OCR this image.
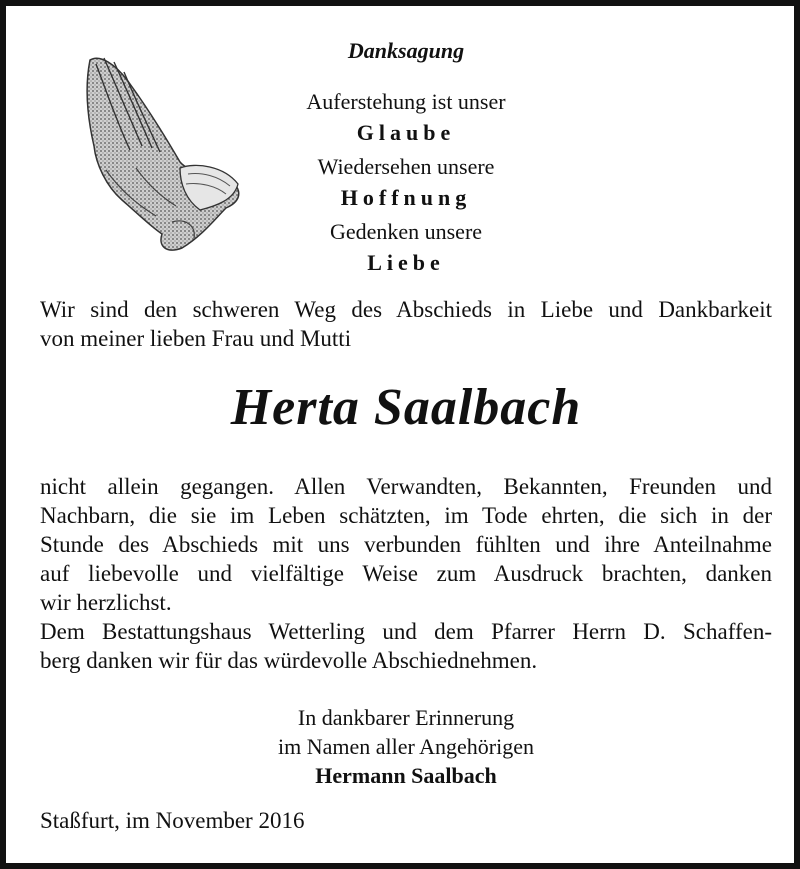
Danksagung
Auferstehung ist unser
Glaube
Wiedersehen unsere
Hoffnung
Gedenken unsere
Liebe
Wir sind den schweren Weg des Abschieds in Liebe und Dankbarkeit
von meiner lieben Frau und Mutti
Herta Saalbach
nicht allein gegangen. Allen Verwandten, Bekannten, Freunden und
Nachbarn, die sie im Leben schätzten, im Tode ehrten, die sich in der
Stunde des Abschieds mit uns verbunden fühlten und ihre Anteilnahme
auf liebevolle und vielfältige Weise zum Ausdruck brachten, danken
wir herzlichst.
Dem Bestattungshaus Wetterling und dem Pfarrer Herrn D. Schaffen-
berg danken wir für das würdevolle Abschiednehmen.
In dankbarer Erinnerung
im Namen aller Angehörigen
Hermann Saalbach
Staßfurt, im November 2016
